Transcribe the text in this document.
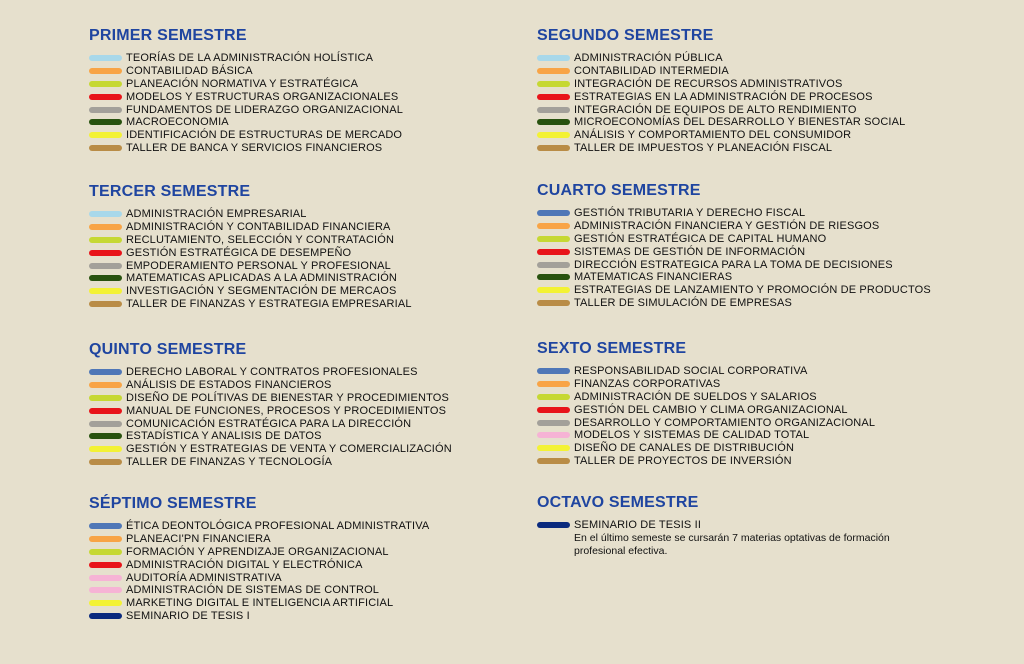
PRIMER SEMESTRE
TEORÍAS DE LA ADMINISTRACIÓN HOLÍSTICA
CONTABILIDAD BÁSICA
PLANEACIÓN NORMATIVA Y ESTRATÉGICA
MODELOS Y ESTRUCTURAS ORGANIZACIONALES
FUNDAMENTOS DE LIDERAZGO ORGANIZACIONAL
MACROECONOMIA
IDENTIFICACIÓN DE ESTRUCTURAS DE MERCADO
TALLER DE BANCA Y SERVICIOS FINANCIEROS
SEGUNDO SEMESTRE
ADMINISTRACIÓN PÚBLICA
CONTABILIDAD INTERMEDIA
INTEGRACIÓN DE RECURSOS ADMINISTRATIVOS
ESTRATEGIAS EN LA ADMINISTRACIÓN DE PROCESOS
INTEGRACIÓN DE EQUIPOS DE ALTO RENDIMIENTO
MICROECONOMÍAS DEL DESARROLLO Y BIENESTAR SOCIAL
ANÁLISIS Y COMPORTAMIENTO DEL CONSUMIDOR
TALLER DE IMPUESTOS Y PLANEACIÓN FISCAL
TERCER SEMESTRE
ADMINISTRACIÓN EMPRESARIAL
ADMINISTRACIÓN Y CONTABILIDAD FINANCIERA
RECLUTAMIENTO, SELECCIÓN Y CONTRATACIÓN
GESTIÓN ESTRATÉGICA DE DESEMPEÑO
EMPODERAMIENTO PERSONAL Y PROFESIONAL
MATEMATICAS APLICADAS A LA ADMINISTRACIÓN
INVESTIGACIÓN Y SEGMENTACIÓN DE MERCAOS
TALLER DE FINANZAS Y ESTRATEGIA EMPRESARIAL
CUARTO SEMESTRE
GESTIÓN TRIBUTARIA Y DERECHO FISCAL
ADMINISTRACIÓN FINANCIERA Y GESTIÓN DE RIESGOS
GESTIÓN ESTRATÉGICA DE CAPITAL HUMANO
SISTEMAS DE GESTIÓN DE INFORMACIÓN
DIRECCIÓN ESTRATEGICA PARA LA TOMA DE DECISIONES
MATEMATICAS FINANCIERAS
ESTRATEGIAS DE LANZAMIENTO Y PROMOCIÓN DE PRODUCTOS
TALLER DE SIMULACIÓN DE EMPRESAS
QUINTO SEMESTRE
DERECHO LABORAL Y CONTRATOS PROFESIONALES
ANÁLISIS DE ESTADOS FINANCIEROS
DISEÑO DE POLÍTIVAS DE BIENESTAR Y PROCEDIMIENTOS
MANUAL DE FUNCIONES, PROCESOS Y PROCEDIMIENTOS
COMUNICACIÓN ESTRATÉGICA PARA LA DIRECCIÓN
ESTADÍSTICA Y ANALISIS DE DATOS
GESTIÓN Y ESTRATEGIAS DE VENTA Y COMERCIALIZACIÓN
TALLER DE FINANZAS Y TECNOLOGÍA
SEXTO SEMESTRE
RESPONSABILIDAD SOCIAL CORPORATIVA
FINANZAS CORPORATIVAS
ADMINISTRACIÓN DE SUELDOS Y SALARIOS
GESTIÓN DEL CAMBIO Y CLIMA ORGANIZACIONAL
DESARROLLO Y COMPORTAMIENTO ORGANIZACIONAL
MODELOS Y SISTEMAS DE CALIDAD TOTAL
DISEÑO DE CANALES DE DISTRIBUCIÓN
TALLER DE PROYECTOS DE INVERSIÓN
SÉPTIMO SEMESTRE
ÉTICA DEONTOLÓGICA PROFESIONAL ADMINISTRATIVA
PLANEACI'PN FINANCIERA
FORMACIÓN Y APRENDIZAJE ORGANIZACIONAL
ADMINISTRACIÓN DIGITAL Y ELECTRÓNICA
AUDITORÍA ADMINISTRATIVA
ADMINISTRACIÓN DE SISTEMAS DE CONTROL
MARKETING DIGITAL E INTELIGENCIA ARTIFICIAL
SEMINARIO DE TESIS I
OCTAVO SEMESTRE
SEMINARIO DE TESIS II
En el último semeste se cursarán 7 materias optativas de formación profesional efectiva.
